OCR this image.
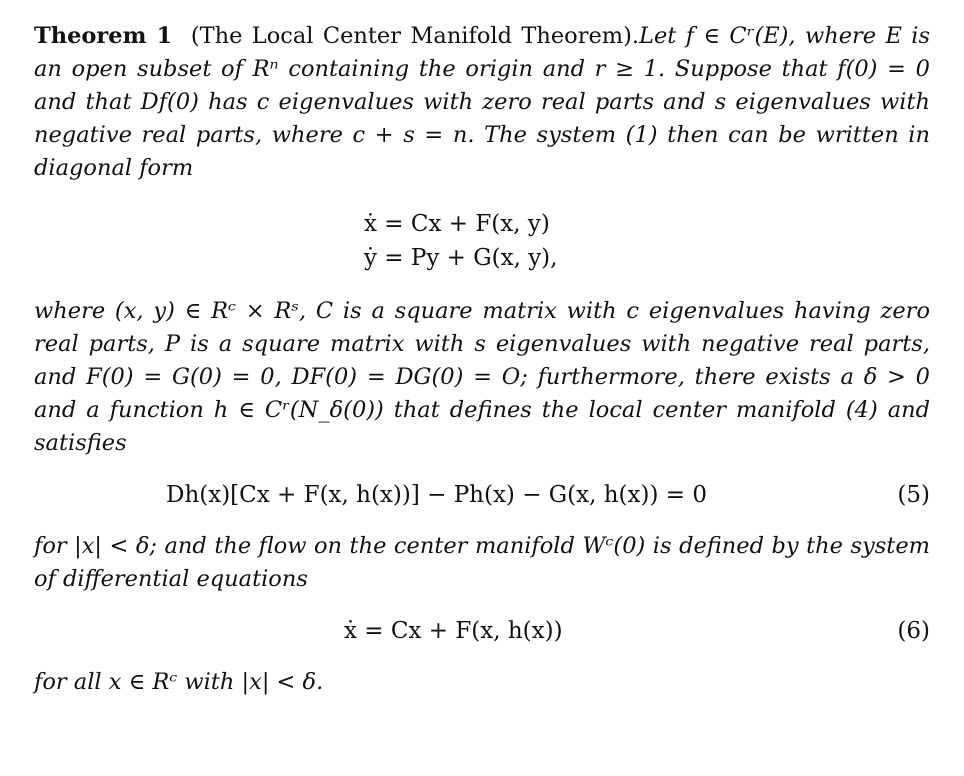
Theorem 1 (The Local Center Manifold Theorem).Let f ∈ Cʳ(E), where E is an open subset of Rⁿ containing the origin and r ≥ 1. Suppose that f(0) = 0 and that Df(0) has c eigenvalues with zero real parts and s eigenvalues with negative real parts, where c + s = n. The system (1) then can be written in diagonal form

ẋ = Cx + F(x, y)
ẏ = Py + G(x, y),

where (x, y) ∈ Rᶜ × Rˢ, C is a square matrix with c eigenvalues having zero real parts, P is a square matrix with s eigenvalues with negative real parts, and F(0) = G(0) = 0, DF(0) = DG(0) = O; furthermore, there exists a δ > 0 and a function h ∈ Cʳ(N_δ(0)) that defines the local center manifold (4) and satisfies

Dh(x)[Cx + F(x, h(x))] − Ph(x) − G(x, h(x)) = 0	(5)

for |x| < δ; and the flow on the center manifold Wᶜ(0) is defined by the system of differential equations

ẋ = Cx + F(x, h(x))	(6)

for all x ∈ Rᶜ with |x| < δ.
